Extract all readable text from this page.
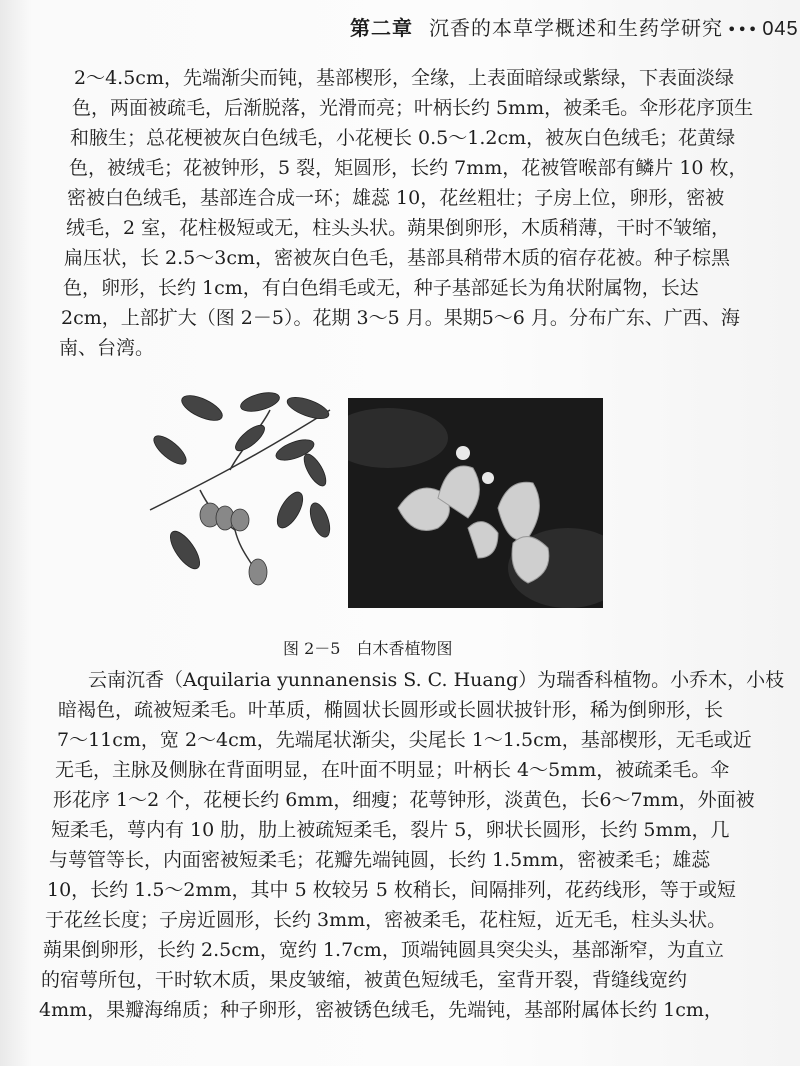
第二章 沉香的本草学概述和生药学研究 ••• 045
2～4.5cm，先端渐尖而钝，基部楔形，全缘，上表面暗绿或紫绿，下表面淡绿
色，两面被疏毛，后渐脱落，光滑而亮；叶柄长约 5mm，被柔毛。伞形花序顶生
和腋生；总花梗被灰白色绒毛，小花梗长 0.5～1.2cm，被灰白色绒毛；花黄绿
色，被绒毛；花被钟形，5 裂，矩圆形，长约 7mm，花被管喉部有鳞片 10 枚，
密被白色绒毛，基部连合成一环；雄蕊 10，花丝粗壮；子房上位，卵形，密被
绒毛，2 室，花柱极短或无，柱头头状。蒴果倒卵形，木质稍薄，干时不皱缩，
扁压状，长 2.5～3cm，密被灰白色毛，基部具稍带木质的宿存花被。种子棕黑
色，卵形，长约 1cm，有白色绢毛或无，种子基部延长为角状附属物，长达
2cm，上部扩大（图 2－5）。花期 3～5 月。果期5～6 月。分布广东、广西、海
南、台湾。
图 2－5　白木香植物图
云南沉香（Aquilaria yunnanensis S. C. Huang）为瑞香科植物。小乔木，小枝
暗褐色，疏被短柔毛。叶革质，椭圆状长圆形或长圆状披针形，稀为倒卵形，长
7～11cm，宽 2～4cm，先端尾状渐尖，尖尾长 1～1.5cm，基部楔形，无毛或近
无毛，主脉及侧脉在背面明显，在叶面不明显；叶柄长 4～5mm，被疏柔毛。伞
形花序 1～2 个，花梗长约 6mm，细瘦；花萼钟形，淡黄色，长6～7mm，外面被
短柔毛，萼内有 10 肋，肋上被疏短柔毛，裂片 5，卵状长圆形，长约 5mm，几
与萼管等长，内面密被短柔毛；花瓣先端钝圆，长约 1.5mm，密被柔毛；雄蕊
10，长约 1.5～2mm，其中 5 枚较另 5 枚稍长，间隔排列，花药线形，等于或短
于花丝长度；子房近圆形，长约 3mm，密被柔毛，花柱短，近无毛，柱头头状。
蒴果倒卵形，长约 2.5cm，宽约 1.7cm，顶端钝圆具突尖头，基部渐窄，为直立
的宿萼所包，干时软木质，果皮皱缩，被黄色短绒毛，室背开裂，背缝线宽约
4mm，果瓣海绵质；种子卵形，密被锈色绒毛，先端钝，基部附属体长约 1cm，
